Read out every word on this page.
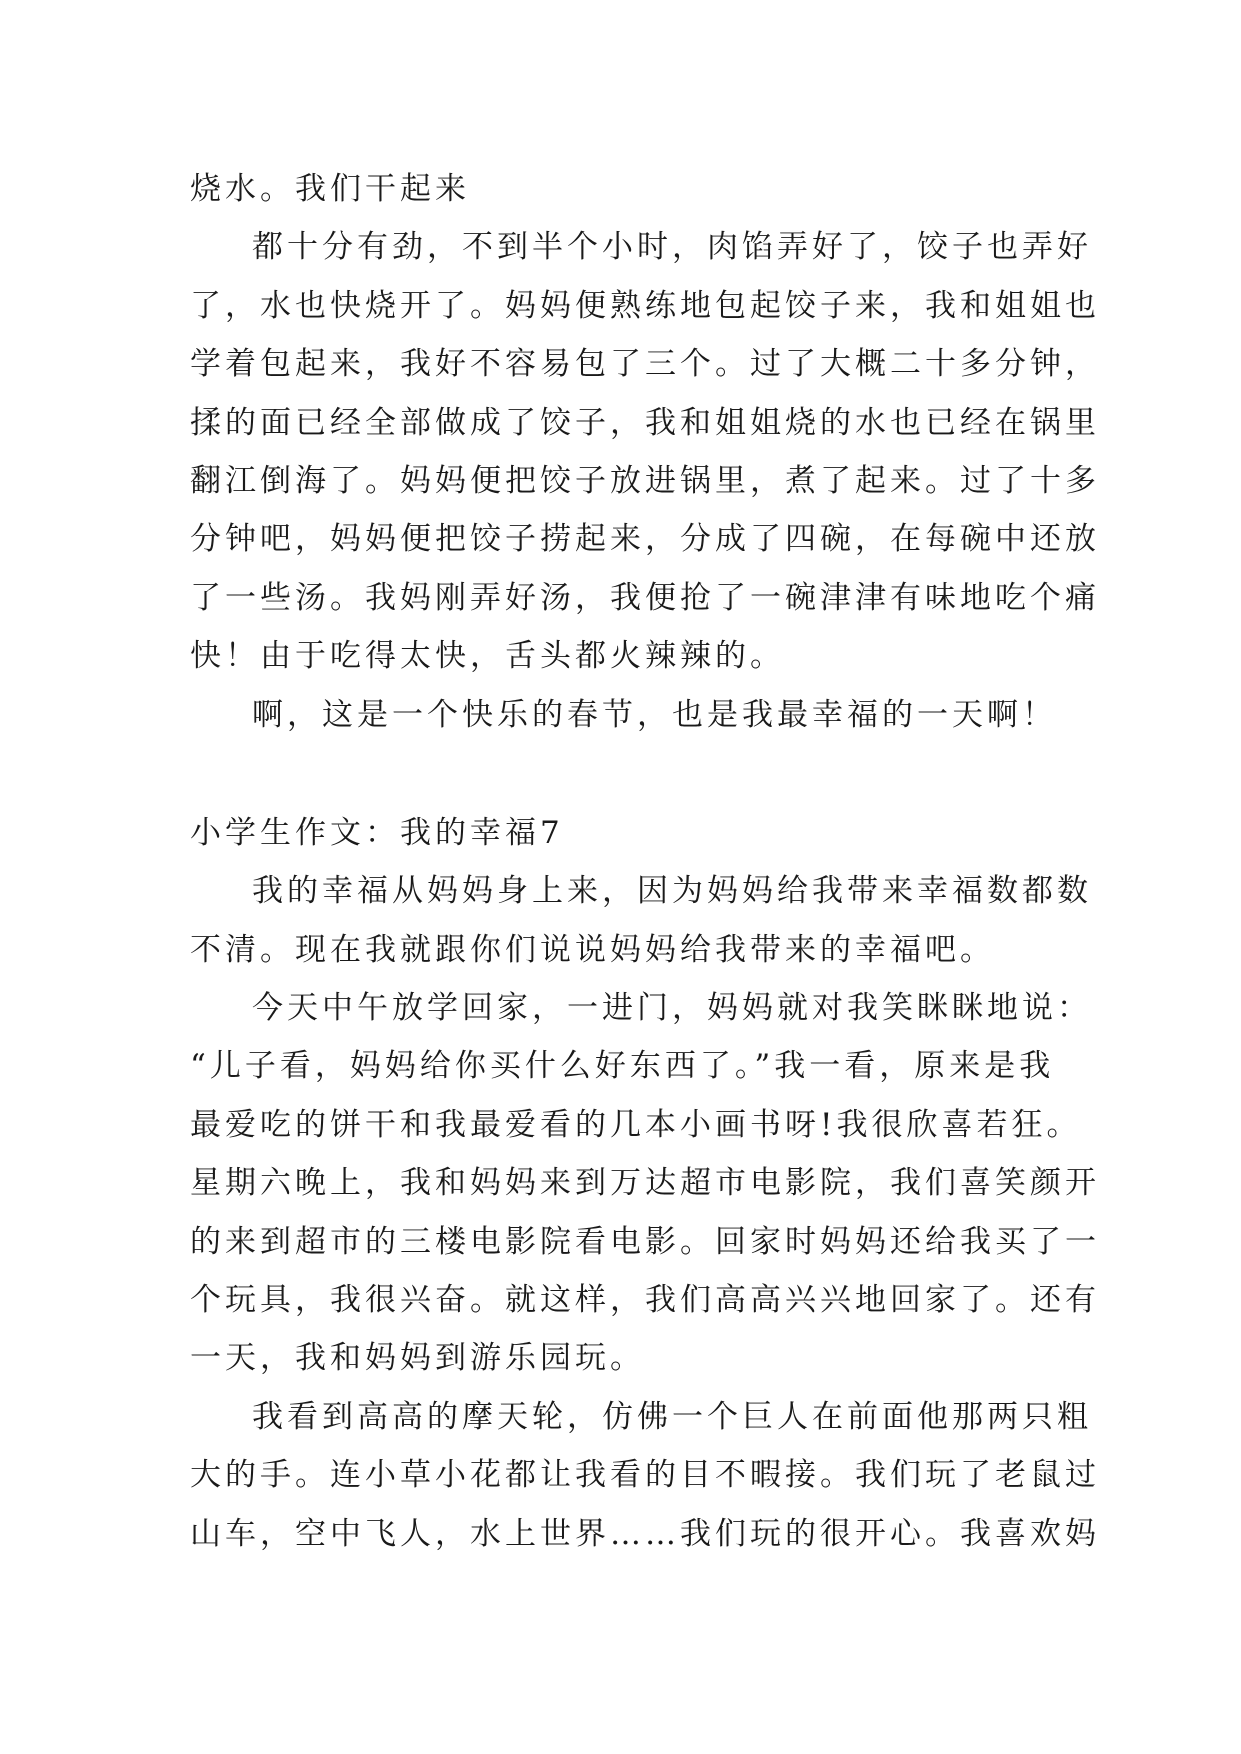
烧水。我们干起来
都十分有劲，不到半个小时，肉馅弄好了，饺子也弄好
了，水也快烧开了。妈妈便熟练地包起饺子来，我和姐姐也
学着包起来，我好不容易包了三个。过了大概二十多分钟，
揉的面已经全部做成了饺子，我和姐姐烧的水也已经在锅里
翻江倒海了。妈妈便把饺子放进锅里，煮了起来。过了十多
分钟吧，妈妈便把饺子捞起来，分成了四碗，在每碗中还放
了一些汤。我妈刚弄好汤，我便抢了一碗津津有味地吃个痛
快！由于吃得太快，舌头都火辣辣的。
啊，这是一个快乐的春节，也是我最幸福的一天啊！
小学生作文：我的幸福7
我的幸福从妈妈身上来，因为妈妈给我带来幸福数都数
不清。现在我就跟你们说说妈妈给我带来的幸福吧。
今天中午放学回家，一进门，妈妈就对我笑眯眯地说：
“儿子看，妈妈给你买什么好东西了。”我一看，原来是我
最爱吃的饼干和我最爱看的几本小画书呀!我很欣喜若狂。
星期六晚上，我和妈妈来到万达超市电影院，我们喜笑颜开
的来到超市的三楼电影院看电影。回家时妈妈还给我买了一
个玩具，我很兴奋。就这样，我们高高兴兴地回家了。还有
一天，我和妈妈到游乐园玩。
我看到高高的摩天轮，仿佛一个巨人在前面他那两只粗
大的手。连小草小花都让我看的目不暇接。我们玩了老鼠过
山车，空中飞人，水上世界……我们玩的很开心。我喜欢妈
